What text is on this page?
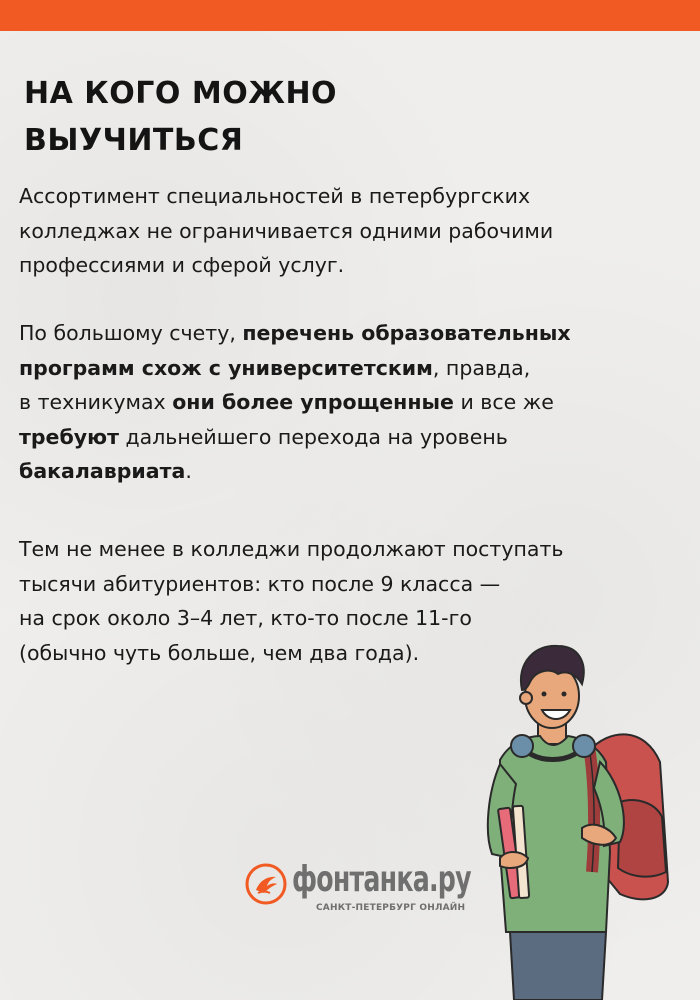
НА КОГО МОЖНО
ВЫУЧИТЬСЯ

Ассортимент специальностей в петербургских
колледжах не ограничивается одними рабочими
профессиями и сферой услуг.

По большому счету, перечень образовательных
программ схож с университетским, правда,
в техникумах они более упрощенные и все же
требуют дальнейшего перехода на уровень
бакалавриата.

Тем не менее в колледжи продолжают поступать
тысячи абитуриентов: кто после 9 класса —
на срок около 3–4 лет, кто-то после 11-го
(обычно чуть больше, чем два года).

фонтанка.ру
САНКТ-ПЕТЕРБУРГ ОНЛАЙН
